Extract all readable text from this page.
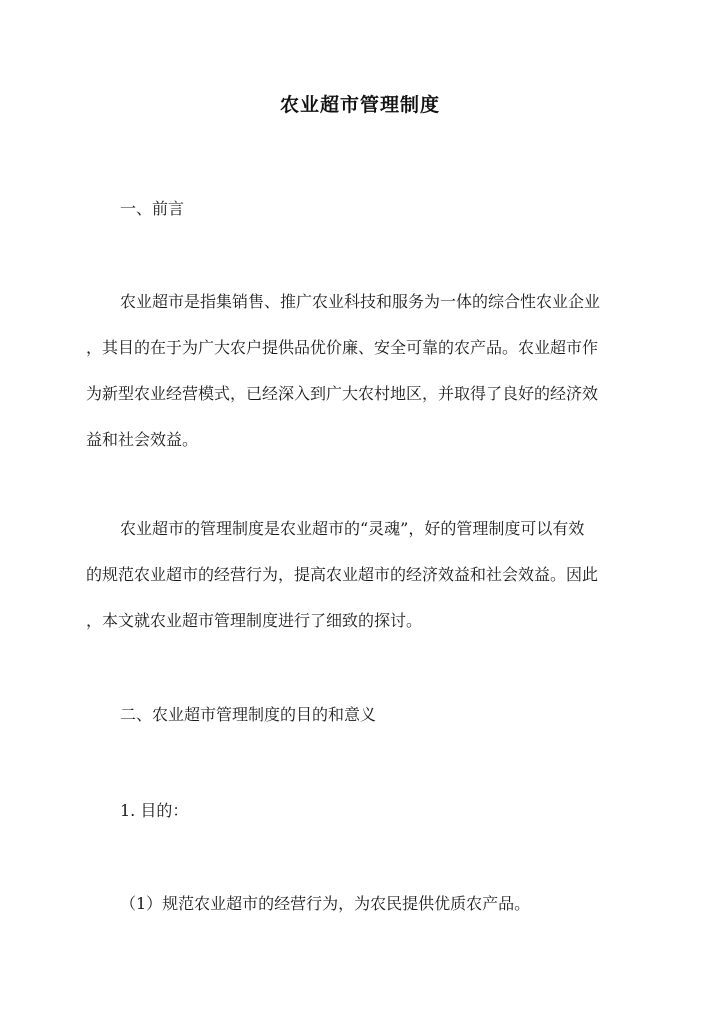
农业超市管理制度
一、前言
农业超市是指集销售、推广农业科技和服务为一体的综合性农业企业
，其目的在于为广大农户提供品优价廉、安全可靠的农产品。农业超市作
为新型农业经营模式，已经深入到广大农村地区，并取得了良好的经济效
益和社会效益。
农业超市的管理制度是农业超市的“灵魂”，好的管理制度可以有效
的规范农业超市的经营行为，提高农业超市的经济效益和社会效益。因此
，本文就农业超市管理制度进行了细致的探讨。
二、农业超市管理制度的目的和意义
1. 目的：
（1）规范农业超市的经营行为，为农民提供优质农产品。
